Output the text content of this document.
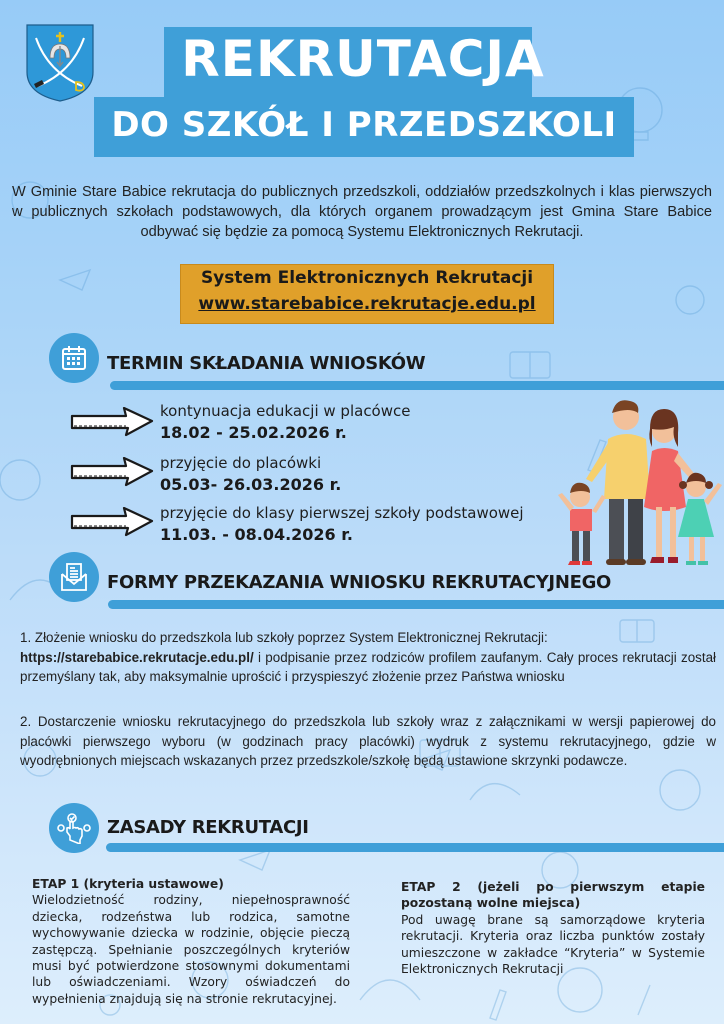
REKRUTACJA
DO SZKÓŁ I PRZEDSZKOLI

W Gminie Stare Babice rekrutacja do publicznych przedszkoli, oddziałów przedszkolnych i klas pierwszych w publicznych szkołach podstawowych, dla których organem prowadzącym jest Gmina Stare Babice odbywać się będzie za pomocą Systemu Elektronicznych Rekrutacji.

System Elektronicznych Rekrutacji
www.starebabice.rekrutacje.edu.pl
TERMIN SKŁADANIA WNIOSKÓW
kontynuacja edukacji w placówce
18.02 - 25.02.2026 r.
przyjęcie do placówki
05.03- 26.03.2026 r.
przyjęcie do klasy pierwszej szkoły podstawowej
11.03. - 08.04.2026 r.
FORMY PRZEKAZANIA WNIOSKU REKRUTACYJNEGO

1. Złożenie wniosku do przedszkola lub szkoły poprzez System Elektronicznej Rekrutacji:
https://starebabice.rekrutacje.edu.pl/ i podpisanie przez rodziców profilem zaufanym. Cały proces rekrutacji został przemyślany tak, aby maksymalnie uprościć i przyspieszyć złożenie przez Państwa wniosku

2. Dostarczenie wniosku rekrutacyjnego do przedszkola lub szkoły wraz z załącznikami w wersji papierowej do placówki pierwszego wyboru (w godzinach pracy placówki) wydruk z systemu rekrutacyjnego, gdzie w wyodrębnionych miejscach wskazanych przez przedszkole/szkołę będą ustawione skrzynki podawcze.

ZASADY REKRUTACJI
ETAP 1 (kryteria ustawowe)
Wielodzietność rodziny, niepełnosprawność dziecka, rodzeństwa lub rodzica, samotne wychowywanie dziecka w rodzinie, objęcie pieczą zastępczą. Spełnianie poszczególnych kryteriów musi być potwierdzone stosownymi dokumentami lub oświadczeniami. Wzory oświadczeń do wypełnienia znajdują się na stronie rekrutacyjnej.
ETAP 2 (jeżeli po pierwszym etapie pozostaną wolne miejsca)
Pod uwagę brane są samorządowe kryteria rekrutacji. Kryteria oraz liczba punktów zostały umieszczone w zakładce “Kryteria” w Systemie Elektronicznych Rekrutacji
